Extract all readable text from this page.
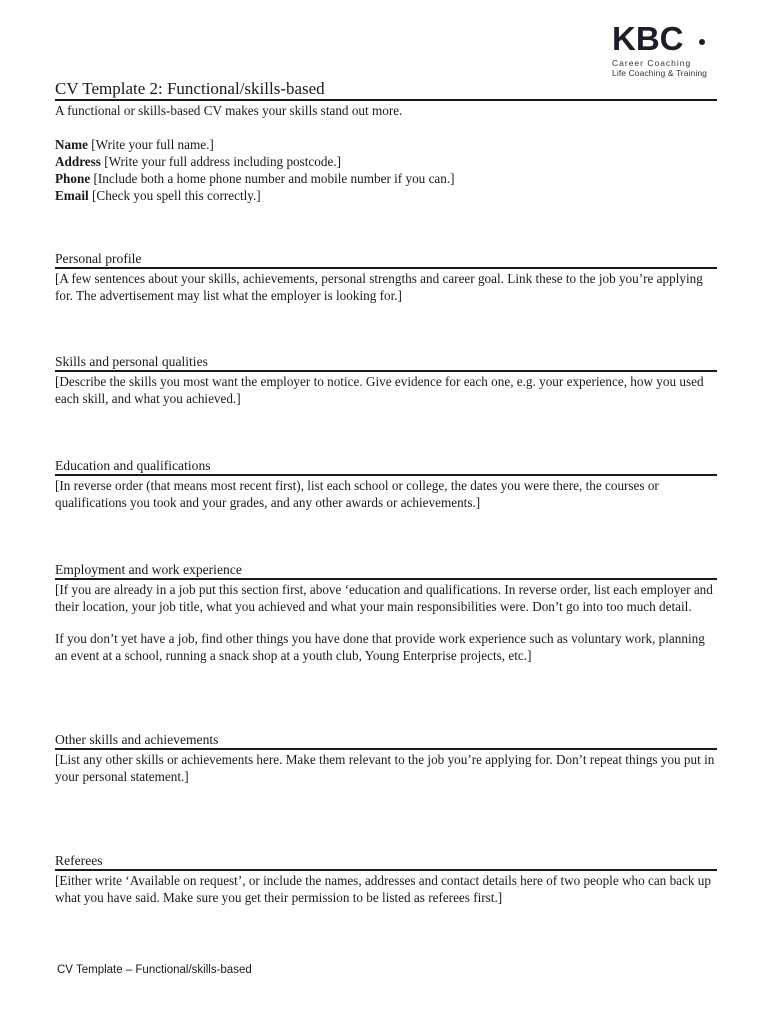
KBC
Career Coaching
Life Coaching & Training
CV Template 2: Functional/skills-based
A functional or skills-based CV makes your skills stand out more.
Name [Write your full name.]
Address [Write your full address including postcode.]
Phone [Include both a home phone number and mobile number if you can.]
Email [Check you spell this correctly.]
Personal profile

[A few sentences about your skills, achievements, personal strengths and career goal. Link these to the job you’re applying for. The advertisement may list what the employer is looking for.]

Skills and personal qualities

[Describe the skills you most want the employer to notice. Give evidence for each one, e.g. your experience, how you used each skill, and what you achieved.]

Education and qualifications

[In reverse order (that means most recent first), list each school or college, the dates you were there, the courses or qualifications you took and your grades, and any other awards or achievements.]

Employment and work experience

[If you are already in a job put this section first, above ‘education and qualifications. In reverse order, list each employer and their location, your job title, what you achieved and what your main responsibilities were. Don’t go into too much detail.

If you don’t yet have a job, find other things you have done that provide work experience such as voluntary work, planning an event at a school, running a snack shop at a youth club, Young Enterprise projects, etc.]

Other skills and achievements

[List any other skills or achievements here. Make them relevant to the job you’re applying for. Don’t repeat things you put in your personal statement.]

Referees

[Either write ‘Available on request’, or include the names, addresses and contact details here of two people who can back up what you have said. Make sure you get their permission to be listed as referees first.]

CV Template – Functional/skills-based
